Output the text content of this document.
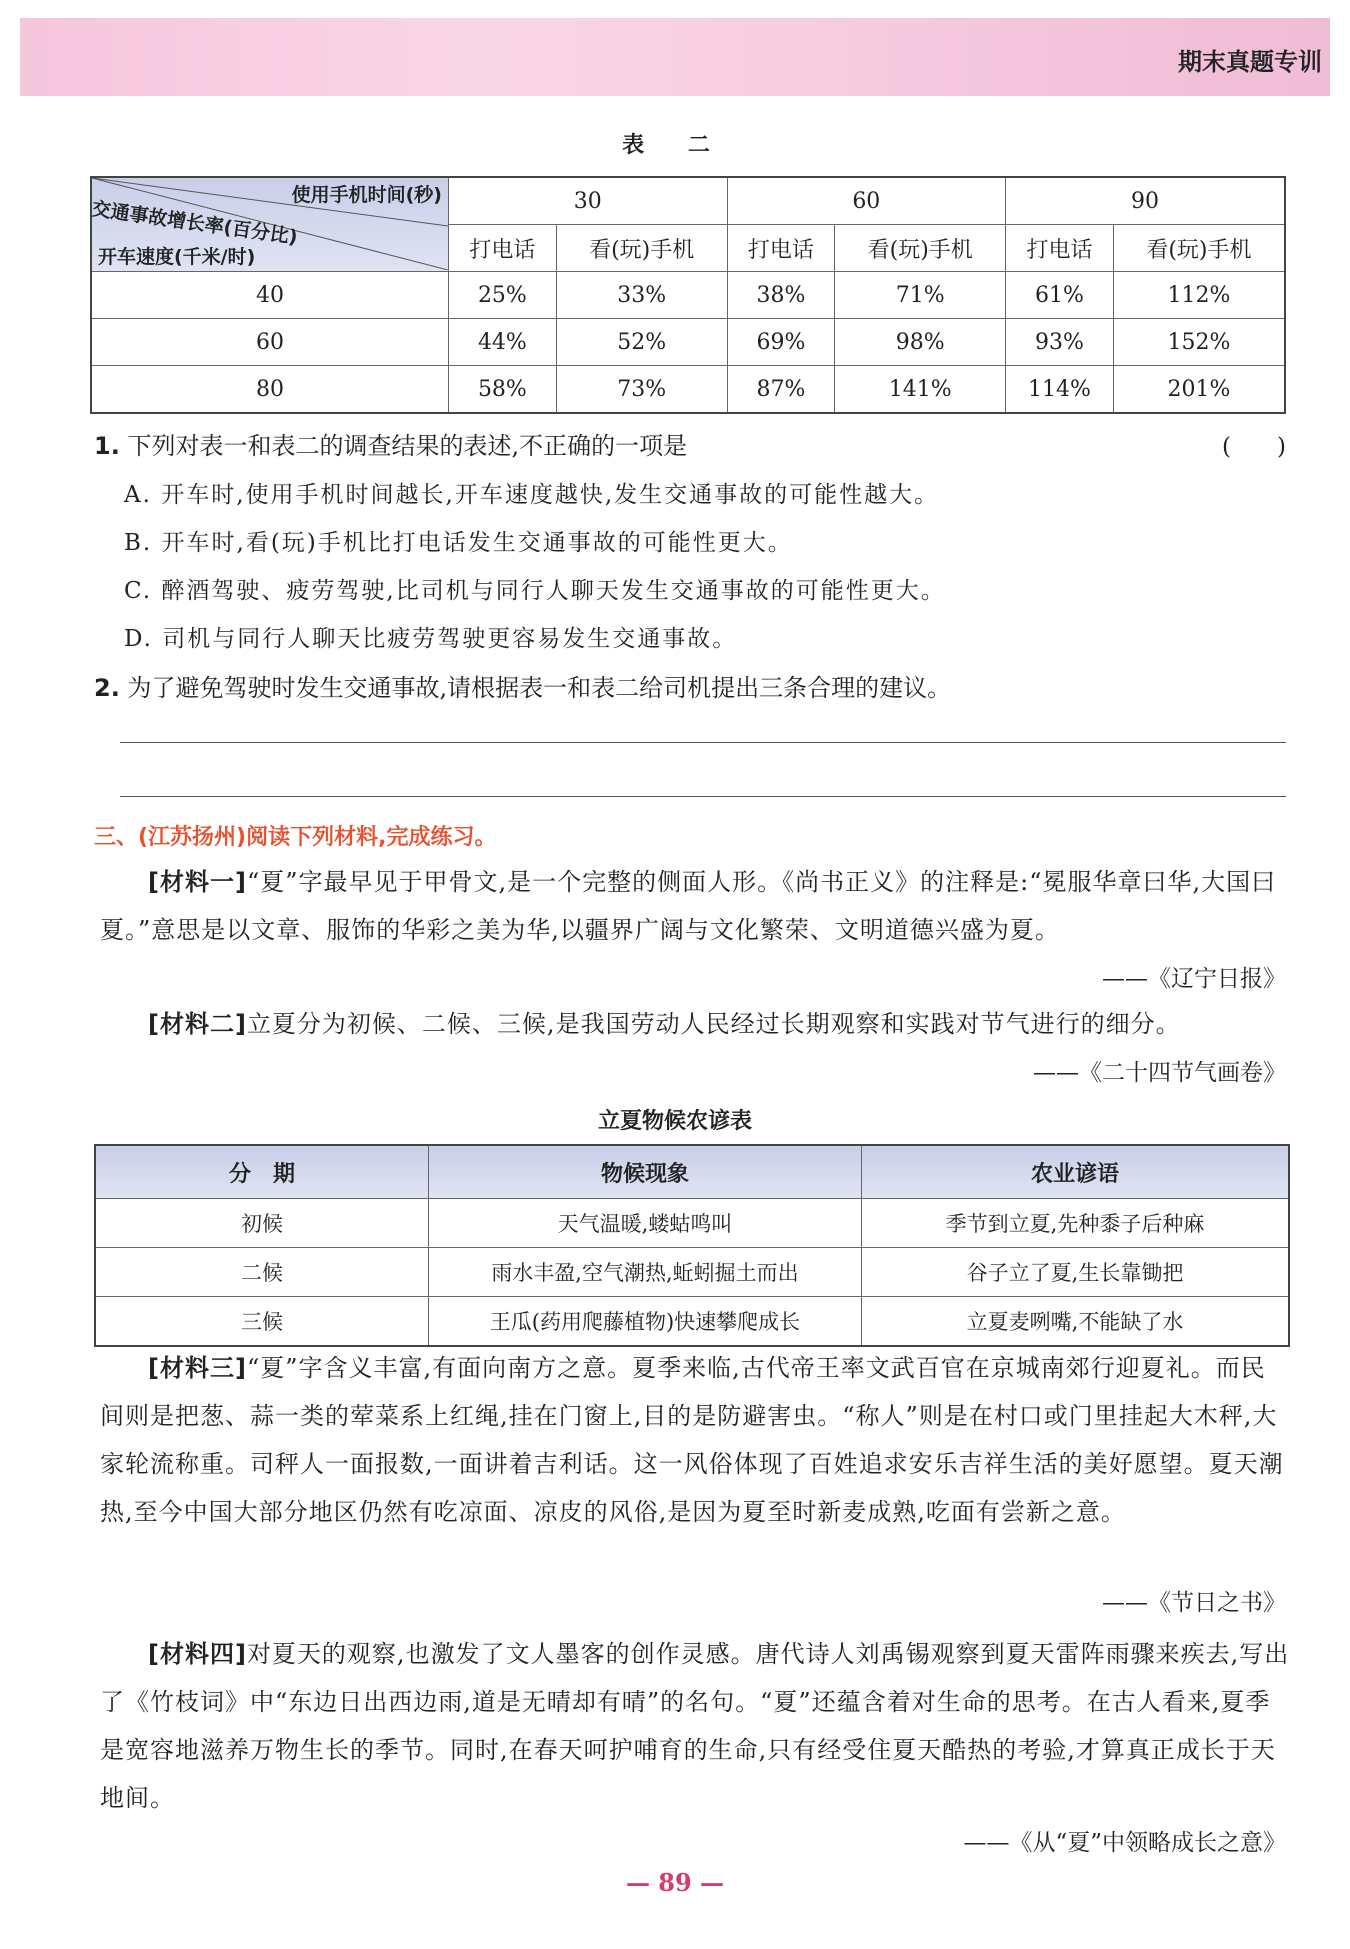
期末真题专训
表 二
使用手机时间(秒)
交通事故增长率(百分比)
开车速度(千米/时)	30		60		90	
	打电话	看(玩)手机	打电话	看(玩)手机	打电话	看(玩)手机
40	25%	33%	38%	71%	61%	112%
60	44%	52%	69%	98%	93%	152%
80	58%	73%	87%	141%	114%	201%
1. 下列对表一和表二的调查结果的表述,不正确的一项是	(　　)
A. 开车时,使用手机时间越长,开车速度越快,发生交通事故的可能性越大。
B. 开车时,看(玩)手机比打电话发生交通事故的可能性更大。
C. 醉酒驾驶、疲劳驾驶,比司机与同行人聊天发生交通事故的可能性更大。
D. 司机与同行人聊天比疲劳驾驶更容易发生交通事故。
2. 为了避免驾驶时发生交通事故,请根据表一和表二给司机提出三条合理的建议。
三、(江苏扬州)阅读下列材料,完成练习。
[材料一]“夏”字最早见于甲骨文,是一个完整的侧面人形。《尚书正义》的注释是:“冕服华章曰华,大国曰夏。”意思是以文章、服饰的华彩之美为华,以疆界广阔与文化繁荣、文明道德兴盛为夏。
——《辽宁日报》
[材料二]立夏分为初候、二候、三候,是我国劳动人民经过长期观察和实践对节气进行的细分。
——《二十四节气画卷》
立夏物候农谚表
分　期	物候现象	农业谚语
初候	天气温暖,蝼蛄鸣叫	季节到立夏,先种黍子后种麻
二候	雨水丰盈,空气潮热,蚯蚓掘土而出	谷子立了夏,生长靠锄把
三候	王瓜(药用爬藤植物)快速攀爬成长	立夏麦咧嘴,不能缺了水
[材料三]“夏”字含义丰富,有面向南方之意。夏季来临,古代帝王率文武百官在京城南郊行迎夏礼。而民间则是把葱、蒜一类的荤菜系上红绳,挂在门窗上,目的是防避害虫。“称人”则是在村口或门里挂起大木秤,大家轮流称重。司秤人一面报数,一面讲着吉利话。这一风俗体现了百姓追求安乐吉祥生活的美好愿望。夏天潮热,至今中国大部分地区仍然有吃凉面、凉皮的风俗,是因为夏至时新麦成熟,吃面有尝新之意。
——《节日之书》
[材料四]对夏天的观察,也激发了文人墨客的创作灵感。唐代诗人刘禹锡观察到夏天雷阵雨骤来疾去,写出了《竹枝词》中“东边日出西边雨,道是无晴却有晴”的名句。“夏”还蕴含着对生命的思考。在古人看来,夏季是宽容地滋养万物生长的季节。同时,在春天呵护哺育的生命,只有经受住夏天酷热的考验,才算真正成长于天地间。
——《从“夏”中领略成长之意》
— 89 —
